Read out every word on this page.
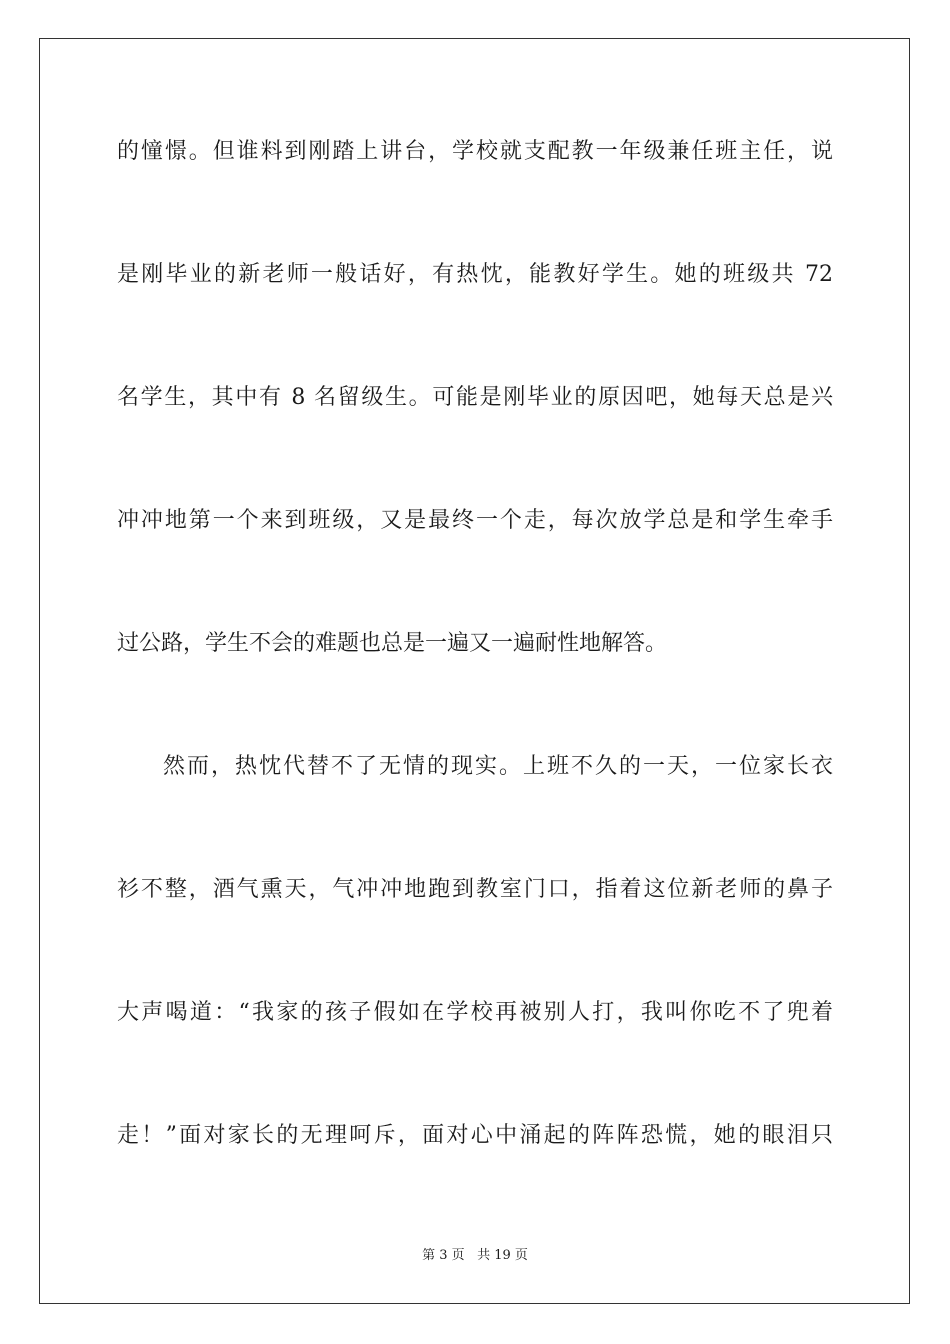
的憧憬。但谁料到刚踏上讲台，学校就支配教一年级兼任班主任，说
是刚毕业的新老师一般话好，有热忱，能教好学生。她的班级共 72
名学生，其中有 8 名留级生。可能是刚毕业的原因吧，她每天总是兴
冲冲地第一个来到班级，又是最终一个走，每次放学总是和学生牵手
过公路，学生不会的难题也总是一遍又一遍耐性地解答。
然而，热忱代替不了无情的现实。上班不久的一天，一位家长衣
衫不整，酒气熏天，气冲冲地跑到教室门口，指着这位新老师的鼻子
大声喝道：“我家的孩子假如在学校再被别人打，我叫你吃不了兜着
走！”面对家长的无理呵斥，面对心中涌起的阵阵恐慌，她的眼泪只
第 3 页 共 19 页
